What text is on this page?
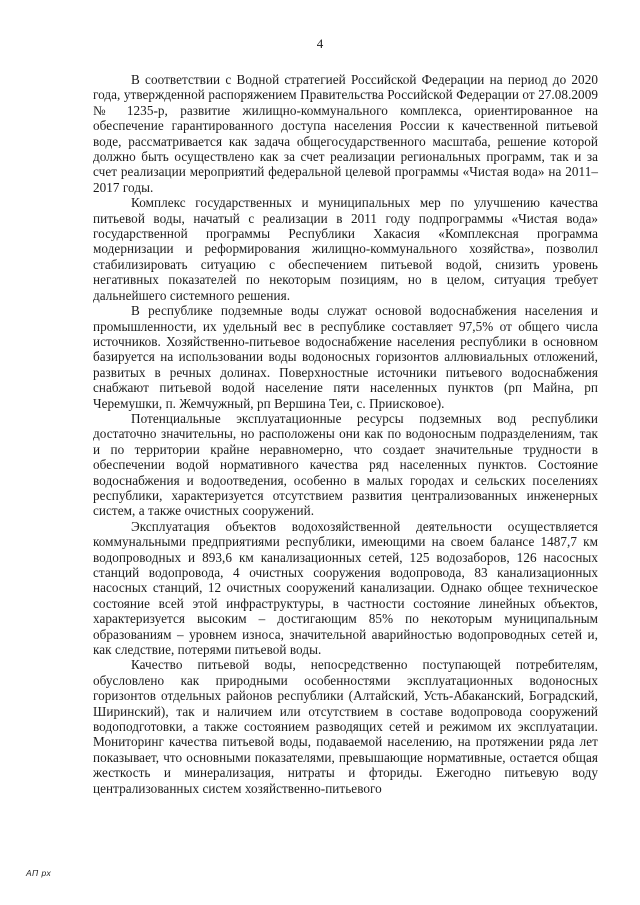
4

В соответствии с Водной стратегией Российской Федерации на период до 2020 года, утвержденной распоряжением Правительства Российской Федерации от 27.08.2009 № 1235-р, развитие жилищно-коммунального комплекса, ориентированное на обеспечение гарантированного доступа населения России к качественной питьевой воде, рассматривается как задача общегосударственного масштаба, решение которой должно быть осуществлено как за счет реализации региональных программ, так и за счет реализации мероприятий федеральной целевой программы «Чистая вода» на 2011–2017 годы.

Комплекс государственных и муниципальных мер по улучшению качества питьевой воды, начатый с реализации в 2011 году подпрограммы «Чистая вода» государственной программы Республики Хакасия «Комплексная программа модернизации и реформирования жилищно-коммунального хозяйства», позволил стабилизировать ситуацию с обеспечением питьевой водой, снизить уровень негативных показателей по некоторым позициям, но в целом, ситуация требует дальнейшего системного решения.

В республике подземные воды служат основой водоснабжения населения и промышленности, их удельный вес в республике составляет 97,5% от общего числа источников. Хозяйственно-питьевое водоснабжение населения республики в основном базируется на использовании воды водоносных горизонтов аллювиальных отложений, развитых в речных долинах. Поверхностные источники питьевого водоснабжения снабжают питьевой водой население пяти населенных пунктов (рп Майна, рп Черемушки, п. Жемчужный, рп Вершина Теи, с. Приисковое).

Потенциальные эксплуатационные ресурсы подземных вод республики достаточно значительны, но расположены они как по водоносным подразделениям, так и по территории крайне неравномерно, что создает значительные трудности в обеспечении водой нормативного качества ряд населенных пунктов. Состояние водоснабжения и водоотведения, особенно в малых городах и сельских поселениях республики, характеризуется отсутствием развития централизованных инженерных систем, а также очистных сооружений.

Эксплуатация объектов водохозяйственной деятельности осуществляется коммунальными предприятиями республики, имеющими на своем балансе 1487,7 км водопроводных и 893,6 км канализационных сетей, 125 водозаборов, 126 насосных станций водопровода, 4 очистных сооружения водопровода, 83 канализационных насосных станций, 12 очистных сооружений канализации. Однако общее техническое состояние всей этой инфраструктуры, в частности состояние линейных объектов, характеризуется высоким – достигающим 85% по некоторым муниципальным образованиям – уровнем износа, значительной аварийностью водопроводных сетей и, как следствие, потерями питьевой воды.

Качество питьевой воды, непосредственно поступающей потребителям, обусловлено как природными особенностями эксплуатационных водоносных горизонтов отдельных районов республики (Алтайский, Усть-Абаканский, Боградский, Ширинский), так и наличием или отсутствием в составе водопровода сооружений водоподготовки, а также состоянием разводящих сетей и режимом их эксплуатации. Мониторинг качества питьевой воды, подаваемой населению, на протяжении ряда лет показывает, что основными показателями, превышающие нормативные, остается общая жесткость и минерализация, нитраты и фториды. Ежегодно питьевую воду централизованных систем хозяйственно-питьевого

АП рх
